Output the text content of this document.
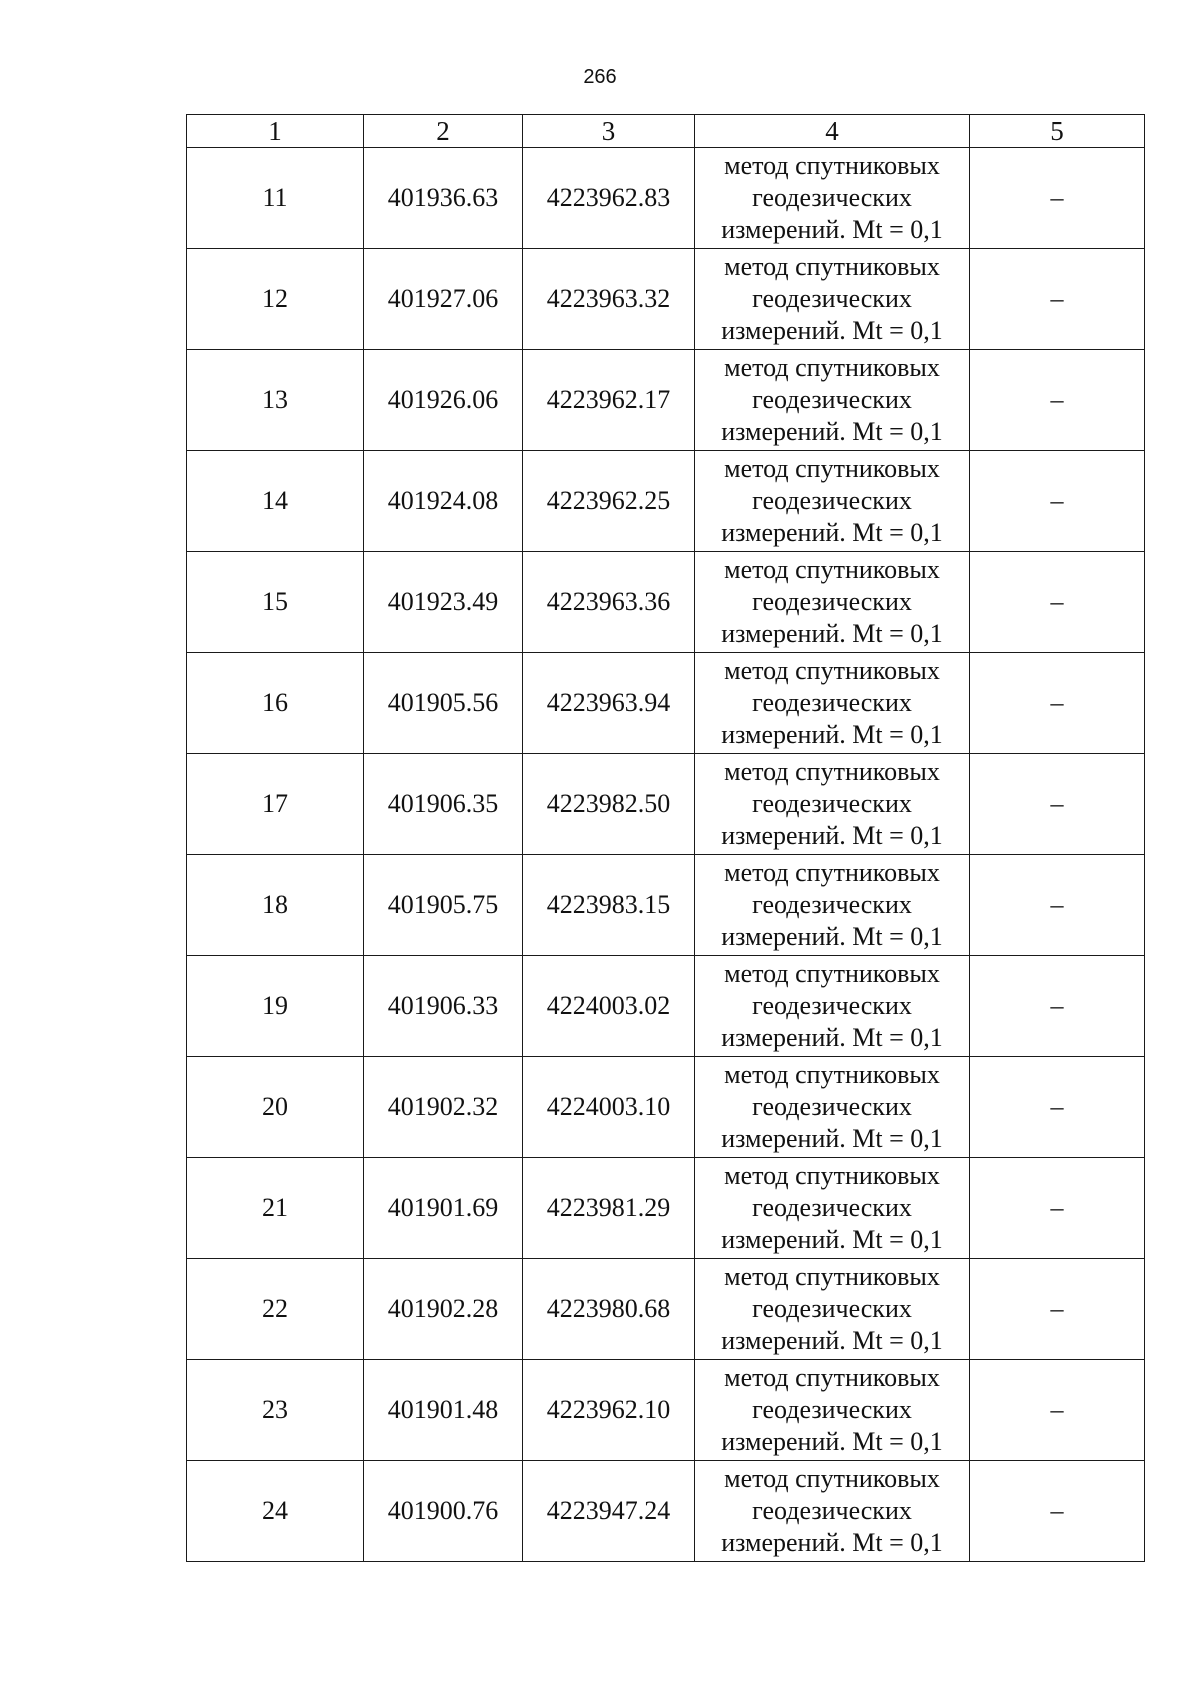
266
1	2	3	4	5
11	401936.63	4223962.83	метод спутниковых геодезических измерений. Mt = 0,1	–
12	401927.06	4223963.32	метод спутниковых геодезических измерений. Mt = 0,1	–
13	401926.06	4223962.17	метод спутниковых геодезических измерений. Mt = 0,1	–
14	401924.08	4223962.25	метод спутниковых геодезических измерений. Mt = 0,1	–
15	401923.49	4223963.36	метод спутниковых геодезических измерений. Mt = 0,1	–
16	401905.56	4223963.94	метод спутниковых геодезических измерений. Mt = 0,1	–
17	401906.35	4223982.50	метод спутниковых геодезических измерений. Mt = 0,1	–
18	401905.75	4223983.15	метод спутниковых геодезических измерений. Mt = 0,1	–
19	401906.33	4224003.02	метод спутниковых геодезических измерений. Mt = 0,1	–
20	401902.32	4224003.10	метод спутниковых геодезических измерений. Mt = 0,1	–
21	401901.69	4223981.29	метод спутниковых геодезических измерений. Mt = 0,1	–
22	401902.28	4223980.68	метод спутниковых геодезических измерений. Mt = 0,1	–
23	401901.48	4223962.10	метод спутниковых геодезических измерений. Mt = 0,1	–
24	401900.76	4223947.24	метод спутниковых геодезических измерений. Mt = 0,1	–
